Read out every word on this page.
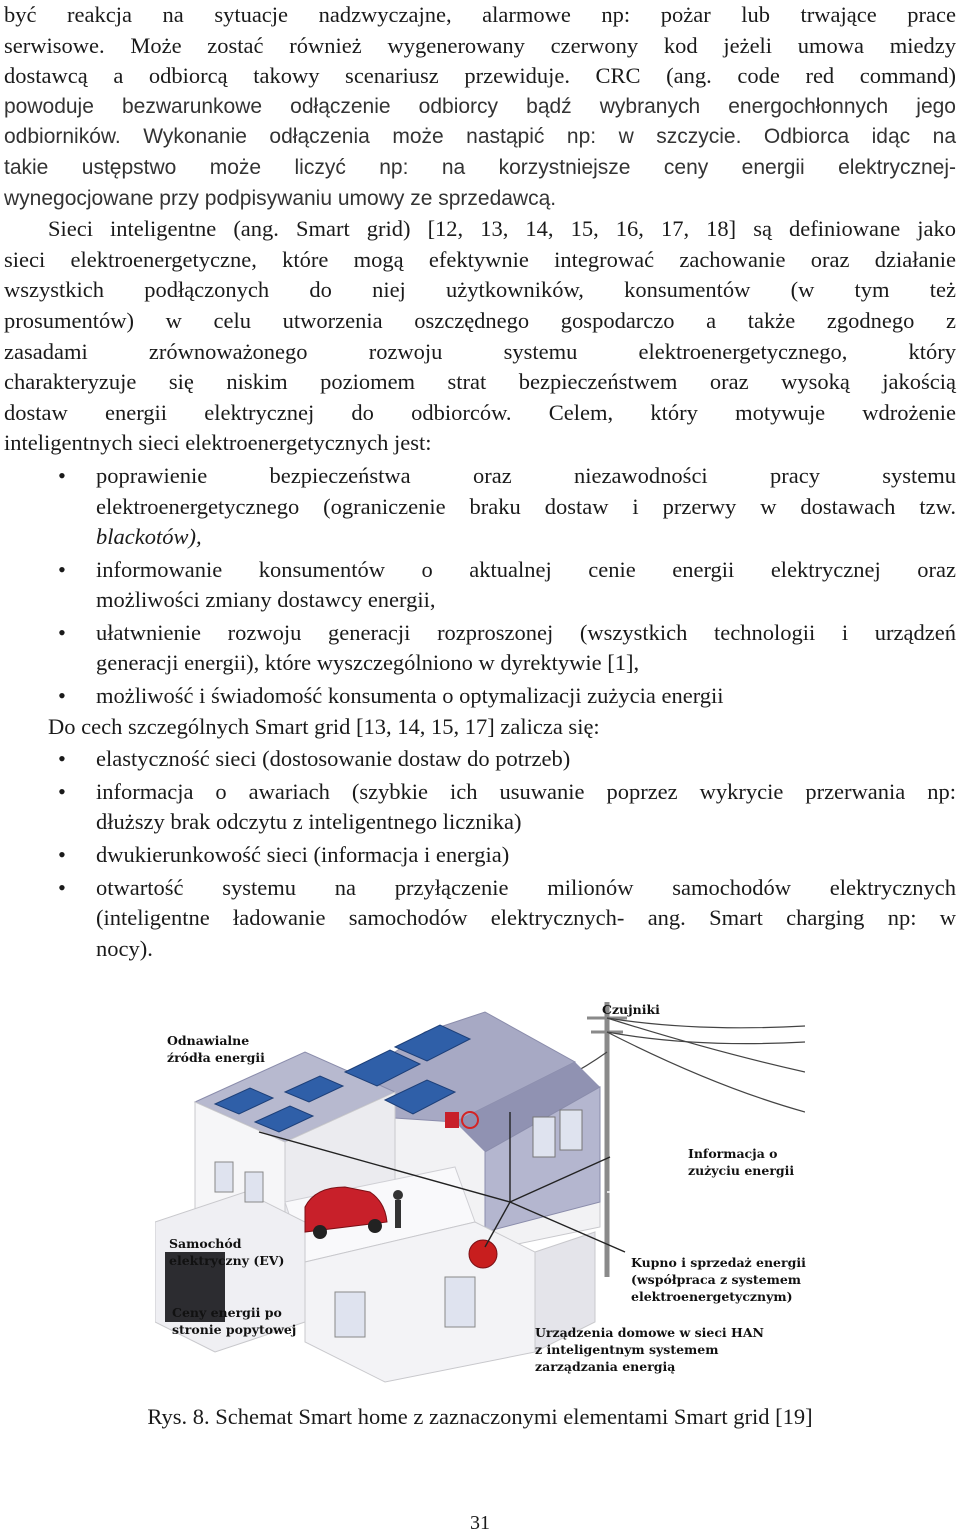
być reakcja na sytuacje nadzwyczajne, alarmowe np: pożar lub trwające prace
serwisowe. Może zostać również wygenerowany czerwony kod jeżeli umowa miedzy
dostawcą a odbiorcą takowy scenariusz przewiduje. CRC (ang. code red command)
powoduje bezwarunkowe odłączenie odbiorcy bądź wybranych energochłonnych jego
odbiorników. Wykonanie odłączenia może nastąpić np: w szczycie. Odbiorca idąc na
takie ustępstwo może liczyć np: na korzystniejsze ceny energii elektrycznej-
wynegocjowane przy podpisywaniu umowy ze sprzedawcą.
Sieci inteligentne (ang. Smart grid) [12, 13, 14, 15, 16, 17, 18] są definiowane jako
sieci elektroenergetyczne, które mogą efektywnie integrować zachowanie oraz działanie
wszystkich podłączonych do niej użytkowników, konsumentów (w tym też
prosumentów) w celu utworzenia oszczędnego gospodarczo a także zgodnego z
zasadami zrównoważonego rozwoju systemu elektroenergetycznego, który
charakteryzuje się niskim poziomem strat bezpieczeństwem oraz wysoką jakością
dostaw energii elektrycznej do odbiorców. Celem, który motywuje wdrożenie
inteligentnych sieci elektroenergetycznych jest:
• poprawienie bezpieczeństwa oraz niezawodności pracy systemu
elektroenergetycznego (ograniczenie braku dostaw i przerwy w dostawach tzw.
blackotów),
• informowanie konsumentów o aktualnej cenie energii elektrycznej oraz
możliwości zmiany dostawcy energii,
• ułatwnienie rozwoju generacji rozproszonej (wszystkich technologii i urządzeń
generacji energii), które wyszczególniono w dyrektywie [1],
• możliwość i świadomość konsumenta o optymalizacji zużycia energii
Do cech szczególnych Smart grid [13, 14, 15, 17] zalicza się:
• elastyczność sieci (dostosowanie dostaw do potrzeb)
• informacja o awariach (szybkie ich usuwanie poprzez wykrycie przerwania np:
dłuższy brak odczytu z inteligentnego licznika)
• dwukierunkowość sieci (informacja i energia)
• otwartość systemu na przyłączenie milionów samochodów elektrycznych
(inteligentne ładowanie samochodów elektrycznych- ang. Smart charging np: w
nocy).
Czujniki
Odnawialne
źródła energii
Informacja o
zużyciu energii
Samochód
elektryczny (EV)	Kupno i sprzedaż energii
(współpraca z systemem
elektroenergetycznym)
Ceny energii po
stronie popytowej	Urządzenia domowe w sieci HAN
z inteligentnym systemem
zarządzania energią
Rys. 8. Schemat Smart home z zaznaczonymi elementami Smart grid [19]
31
